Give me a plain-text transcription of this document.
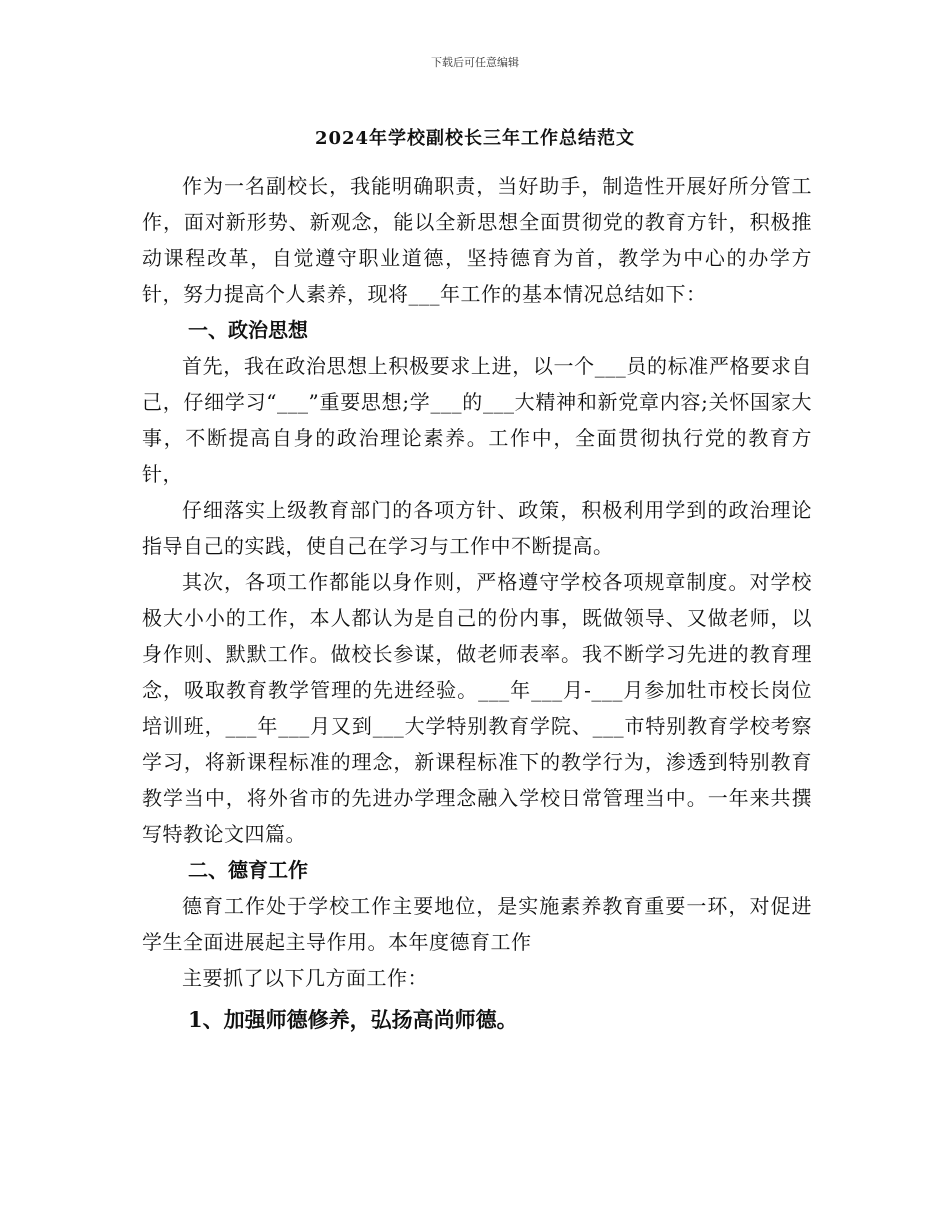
下载后可任意编辑
2024年学校副校长三年工作总结范文

作为一名副校长，我能明确职责，当好助手，制造性开展好所分管工作，面对新形势、新观念，能以全新思想全面贯彻党的教育方针，积极推动课程改革，自觉遵守职业道德，坚持德育为首，教学为中心的办学方针，努力提高个人素养，现将___年工作的基本情况总结如下：

一、政治思想

首先，我在政治思想上积极要求上进，以一个___员的标准严格要求自己，仔细学习“___”重要思想;学___的___大精神和新党章内容;关怀国家大事，不断提高自身的政治理论素养。工作中，全面贯彻执行党的教育方针，

仔细落实上级教育部门的各项方针、政策，积极利用学到的政治理论指导自己的实践，使自己在学习与工作中不断提高。

其次，各项工作都能以身作则，严格遵守学校各项规章制度。对学校极大小小的工作，本人都认为是自己的份内事，既做领导、又做老师，以身作则、默默工作。做校长参谋，做老师表率。我不断学习先进的教育理念，吸取教育教学管理的先进经验。___年___月-___月参加牡市校长岗位培训班，___年___月又到___大学特别教育学院、___市特别教育学校考察学习，将新课程标准的理念，新课程标准下的教学行为，渗透到特别教育教学当中，将外省市的先进办学理念融入学校日常管理当中。一年来共撰写特教论文四篇。

二、德育工作

德育工作处于学校工作主要地位，是实施素养教育重要一环，对促进学生全面进展起主导作用。本年度德育工作

主要抓了以下几方面工作：

1、加强师德修养，弘扬高尚师德。
